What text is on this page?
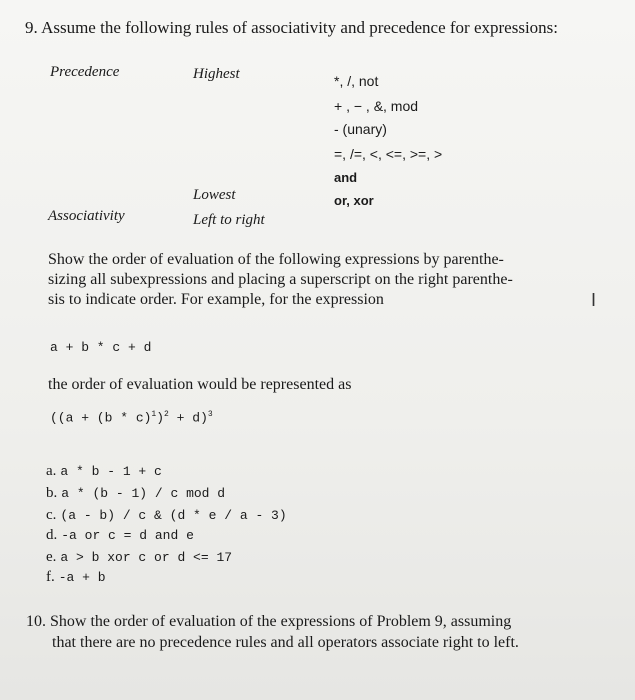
9. Assume the following rules of associativity and precedence for expressions:
Precedence	Highest	*, /, not
+ , − , &, mod
- (unary)
=, /=, <, <=, >=, >
and
or, xor
Lowest
Associativity	Left to right
Show the order of evaluation of the following expressions by parenthe-
sizing all subexpressions and placing a superscript on the right parenthe-
sis to indicate order. For example, for the expression	I
a + b * c + d
the order of evaluation would be represented as
$((a + (b * c)^1)^2 + d)^3$
a. a * b - 1 + c
b. a * (b - 1) / c mod d
c. (a - b) / c & (d * e / a - 3)
d. -a or c = d and e
e. a > b xor c or d <= 17
f. -a + b
10. Show the order of evaluation of the expressions of Problem 9, assuming
that there are no precedence rules and all operators associate right to left.
